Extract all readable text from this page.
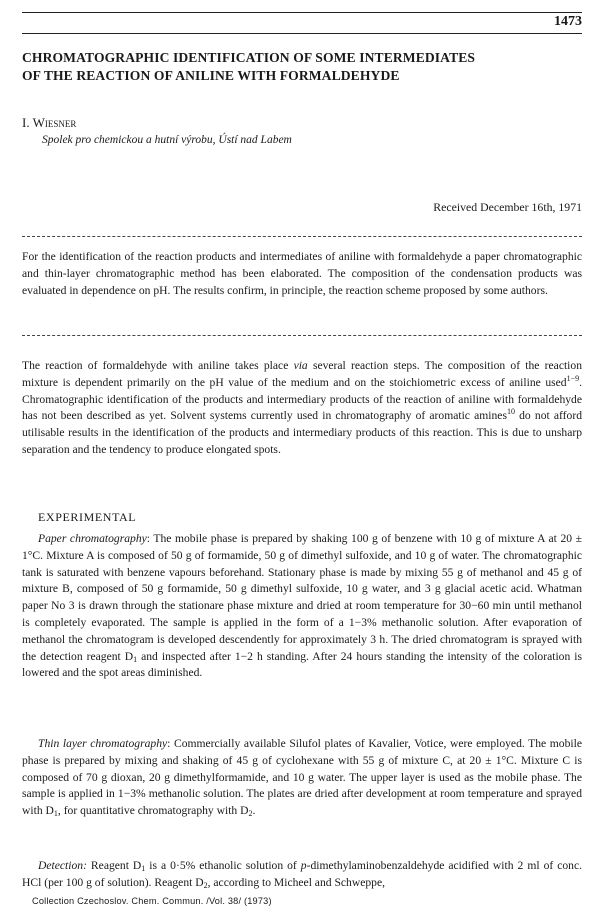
1473
CHROMATOGRAPHIC IDENTIFICATION OF SOME INTERMEDIATES
OF THE REACTION OF ANILINE WITH FORMALDEHYDE
I. Wiesner
Spolek pro chemickou a hutní výrobu, Ústí nad Labem
Received December 16th, 1971
For the identification of the reaction products and intermediates of aniline with formaldehyde a paper chromatographic and thin-layer chromatographic method has been elaborated. The composition of the condensation products was evaluated in dependence on pH. The results confirm, in principle, the reaction scheme proposed by some authors.
The reaction of formaldehyde with aniline takes place via several reaction steps. The composition of the reaction mixture is dependent primarily on the pH value of the medium and on the stoichiometric excess of aniline used$^{1-9}$. Chromatographic identification of the products and intermediary products of the reaction of aniline with formaldehyde has not been described as yet. Solvent systems currently used in chromatography of aromatic amines$^{10}$ do not afford utilisable results in the identification of the products and intermediary products of this reaction. This is due to unsharp separation and the tendency to produce elongated spots.
EXPERIMENTAL
Paper chromatography: The mobile phase is prepared by shaking 100 g of benzene with 10 g of mixture A at 20 ± 1°C. Mixture A is composed of 50 g of formamide, 50 g of dimethyl sulfoxide, and 10 g of water. The chromatographic tank is saturated with benzene vapours beforehand. Stationary phase is made by mixing 55 g of methanol and 45 g of mixture B, composed of 50 g formamide, 50 g dimethyl sulfoxide, 10 g water, and 3 g glacial acetic acid. Whatman paper No 3 is drawn through the stationare phase mixture and dried at room temperature for 30−60 min until methanol is completely evaporated. The sample is applied in the form of a 1−3% methanolic solution. After evaporation of methanol the chromatogram is developed descendently for approximately 3 h. The dried chromatogram is sprayed with the detection reagent $D_1$ and inspected after 1−2 h standing. After 24 hours standing the intensity of the coloration is lowered and the spot areas diminished.
Thin layer chromatography: Commercially available Silufol plates of Kavalier, Votice, were employed. The mobile phase is prepared by mixing and shaking of 45 g of cyclohexane with 55 g of mixture C, at 20 ± 1°C. Mixture C is composed of 70 g dioxan, 20 g dimethylformamide, and 10 g water. The upper layer is used as the mobile phase. The sample is applied in 1−3% methanolic solution. The plates are dried after development at room temperature and sprayed with $D_1$, for quantitative chromatography with $D_2$.
Detection: Reagent $D_1$ is a 0·5% ethanolic solution of p-dimethylaminobenzaldehyde acidified with 2 ml of conc. HCl (per 100 g of solution). Reagent $D_2$, according to Micheel and Schweppe,
Collection Czechoslov. Chem. Commun. /Vol. 38/ (1973)
